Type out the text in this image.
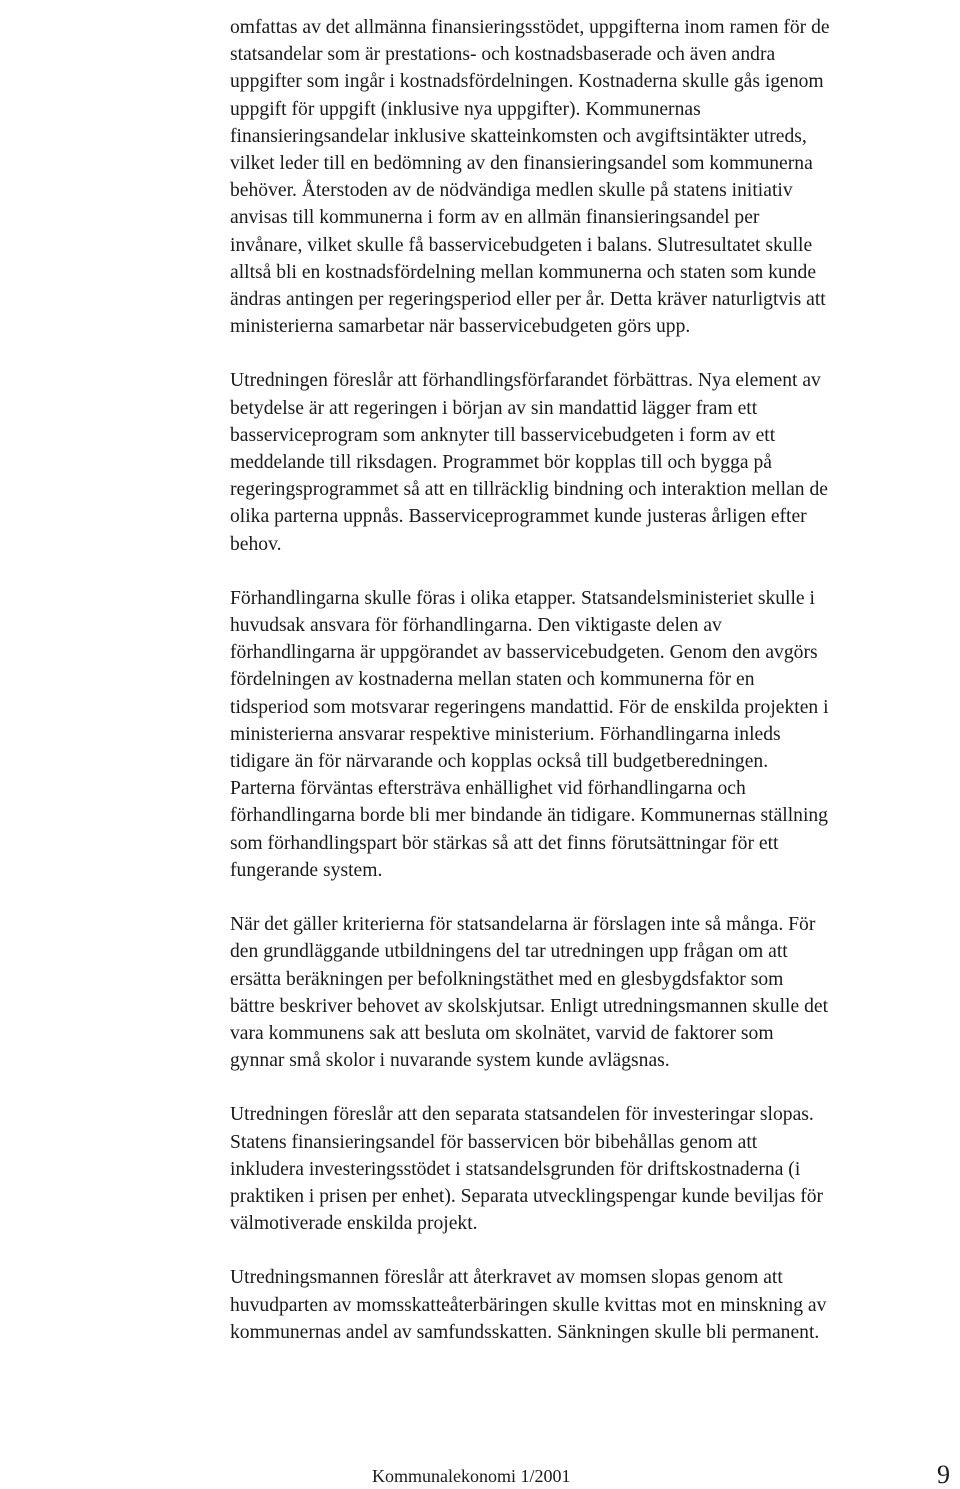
omfattas av det allmänna finansieringsstödet, uppgifterna inom ramen för de
statsandelar som är prestations- och kostnadsbaserade och även andra
uppgifter som ingår i kostnadsfördelningen. Kostnaderna skulle gås igenom
uppgift för uppgift (inklusive nya uppgifter). Kommunernas
finansieringsandelar inklusive skatteinkomsten och avgiftsintäkter utreds,
vilket leder till en bedömning av den finansieringsandel som kommunerna
behöver. Återstoden av de nödvändiga medlen skulle på statens initiativ
anvisas till kommunerna i form av en allmän finansieringsandel per
invånare, vilket skulle få basservicebudgeten i balans. Slutresultatet skulle
alltså bli en kostnadsfördelning mellan kommunerna och staten som kunde
ändras antingen per regeringsperiod eller per år. Detta kräver naturligtvis att
ministerierna samarbetar när basservicebudgeten görs upp.

Utredningen föreslår att förhandlingsförfarandet förbättras. Nya element av
betydelse är att regeringen i början av sin mandattid lägger fram ett
basserviceprogram som anknyter till basservicebudgeten i form av ett
meddelande till riksdagen. Programmet bör kopplas till och bygga på
regeringsprogrammet så att en tillräcklig bindning och interaktion mellan de
olika parterna uppnås. Basserviceprogrammet kunde justeras årligen efter
behov.

Förhandlingarna skulle föras i olika etapper. Statsandelsministeriet skulle i
huvudsak ansvara för förhandlingarna. Den viktigaste delen av
förhandlingarna är uppgörandet av basservicebudgeten. Genom den avgörs
fördelningen av kostnaderna mellan staten och kommunerna för en
tidsperiod som motsvarar regeringens mandattid. För de enskilda projekten i
ministerierna ansvarar respektive ministerium. Förhandlingarna inleds
tidigare än för närvarande och kopplas också till budgetberedningen.
Parterna förväntas eftersträva enhällighet vid förhandlingarna och
förhandlingarna borde bli mer bindande än tidigare. Kommunernas ställning
som förhandlingspart bör stärkas så att det finns förutsättningar för ett
fungerande system.

När det gäller kriterierna för statsandelarna är förslagen inte så många. För
den grundläggande utbildningens del tar utredningen upp frågan om att
ersätta beräkningen per befolkningstäthet med en glesbygdsfaktor som
bättre beskriver behovet av skolskjutsar. Enligt utredningsmannen skulle det
vara kommunens sak att besluta om skolnätet, varvid de faktorer som
gynnar små skolor i nuvarande system kunde avlägsnas.

Utredningen föreslår att den separata statsandelen för investeringar slopas.
Statens finansieringsandel för basservicen bör bibehållas genom att
inkludera investeringsstödet i statsandelsgrunden för driftskostnaderna (i
praktiken i prisen per enhet). Separata utvecklingspengar kunde beviljas för
välmotiverade enskilda projekt.

Utredningsmannen föreslår att återkravet av momsen slopas genom att
huvudparten av momsskatteåterbäringen skulle kvittas mot en minskning av
kommunernas andel av samfundsskatten. Sänkningen skulle bli permanent.

Kommunalekonomi 1/2001	9
